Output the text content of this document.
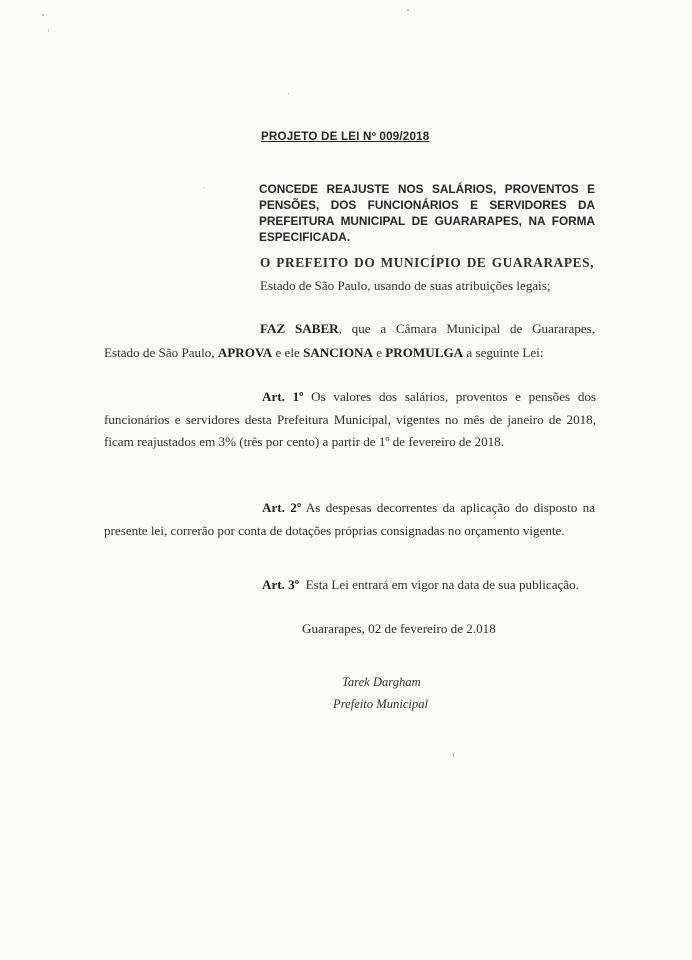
PROJETO DE LEI Nº 009/2018
CONCEDE REAJUSTE NOS SALÁRIOS, PROVENTOS E PENSÕES, DOS FUNCIONÁRIOS E SERVIDORES DA PREFEITURA MUNICIPAL DE GUARARAPES, NA FORMA ESPECIFICADA.
O PREFEITO DO MUNICÍPIO DE GUARARAPES,
Estado de São Paulo, usando de suas atribuições legais;
FAZ SABER, que a Câmara Municipal de Guararapes,
Estado de São Paulo, APROVA e ele SANCIONA e PROMULGA a seguinte Lei:
Art. 1º Os valores dos salários, proventos e pensões dos
funcionários e servidores desta Prefeitura Municipal, vigentes no mês de janeiro de 2018,
ficam reajustados em 3% (três por cento) a partir de 1º de fevereiro de 2018.
Art. 2º As despesas decorrentes da aplicação do disposto na
presente lei, correrão por conta de dotações próprias consignadas no orçamento vigente.
Art. 3º  Esta Lei entrará em vigor na data de sua publicação.
Guararapes, 02 de fevereiro de 2.018
Tarek Dargham
Prefeito Municipal
